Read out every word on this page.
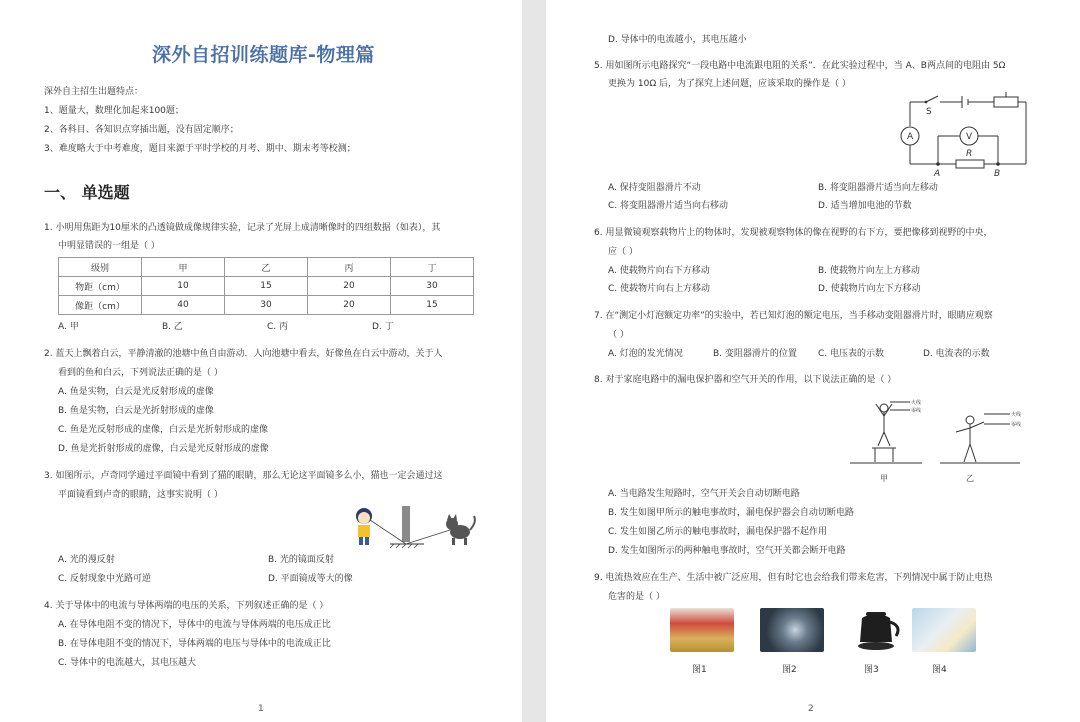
深外自招训练题库-物理篇
深外自主招生出题特点：
1、题量大，数理化加起来100题；
2、各科目、各知识点穿插出题，没有固定顺序；
3、难度略大于中考难度，题目来源于平时学校的月考、期中、期末考等校测；
一、 单选题
1. 小明用焦距为10厘米的凸透镜做成像规律实验，记录了光屏上成清晰像时的四组数据（如表），其
中明显错误的一组是（ ）
级别	甲	乙	丙	丁
物距（cm）	10	15	20	30
像距（cm）	40	30	20	15
A. 甲	B. 乙	C. 丙	D. 丁
2. 蓝天上飘着白云，平静清澈的池塘中鱼自由游动．人向池塘中看去，好像鱼在白云中游动，关于人
看到的鱼和白云，下列说法正确的是（ ）
A. 鱼是实物，白云是光反射形成的虚像
B. 鱼是实物，白云是光折射形成的虚像
C. 鱼是光反射形成的虚像，白云是光折射形成的虚像
D. 鱼是光折射形成的虚像，白云是光反射形成的虚像
3. 如图所示，卢奇同学通过平面镜中看到了猫的眼睛，那么无论这平面镜多么小，猫也一定会通过这
平面镜看到卢奇的眼睛，这事实说明（ ）
A. 光的漫反射	B. 光的镜面反射
C. 反射现象中光路可逆	D. 平面镜成等大的像
4. 关于导体中的电流与导体两端的电压的关系，下列叙述正确的是（ ）
A. 在导体电阻不变的情况下，导体中的电流与导体两端的电压成正比
B. 在导体电阻不变的情况下，导体两端的电压与导体中的电流成正比
C. 导体中的电流越大，其电压越大
1
D. 导体中的电流越小，其电压越小
5. 用如图所示电路探究“一段电路中电流跟电阻的关系”．在此实验过程中，当 A、B两点间的电阻由 5Ω
更换为 10Ω 后，为了探究上述问题，应该采取的操作是（ ）
S
A	V
R
A	B
A. 保持变阻器滑片不动	B. 将变阻器滑片适当向左移动
C. 将变阻器滑片适当向右移动	D. 适当增加电池的节数
6. 用显微镜观察载物片上的物体时，发现被观察物体的像在视野的右下方，要把像移到视野的中央，
应（ ）
A. 使载物片向右下方移动	B. 使载物片向左上方移动
C. 使载物片向右上方移动	D. 使载物片向左下方移动
7. 在“测定小灯泡额定功率”的实验中，若已知灯泡的额定电压，当手移动变阻器滑片时，眼睛应观察
（ ）
A. 灯泡的发光情况	B. 变阻器滑片的位置 C. 电压表的示数	D. 电流表的示数
8. 对于家庭电路中的漏电保护器和空气开关的作用，以下说法正确的是（ ）
火线
零线
火线
零线
甲	乙
A. 当电路发生短路时，空气开关会自动切断电路
B. 发生如图甲所示的触电事故时，漏电保护器会自动切断电路
C. 发生如图乙所示的触电事故时，漏电保护器不起作用
D. 发生如图所示的两种触电事故时，空气开关都会断开电路
9. 电流热效应在生产、生活中被广泛应用，但有时它也会给我们带来危害，下列情况中属于防止电热
危害的是（ ）
图1	图2	图3	图4
2
